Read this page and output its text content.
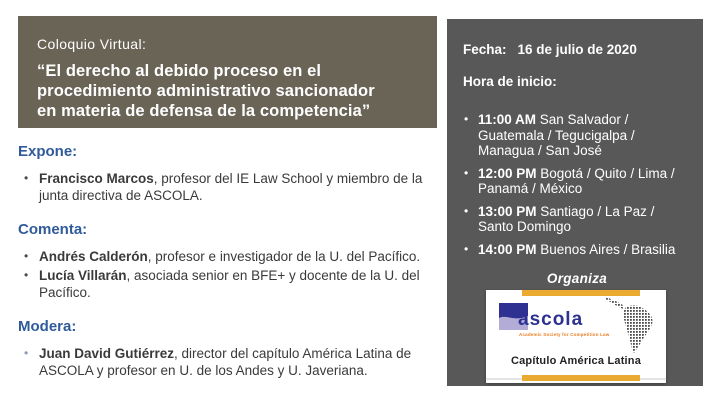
Coloquio Virtual:
“El derecho al debido proceso en el
procedimiento administrativo sancionador
en materia de defensa de la competencia”
Expone:
• Francisco Marcos, profesor del IE Law School y miembro de la junta directiva de ASCOLA.
Comenta:
• Andrés Calderón, profesor e investigador de la U. del Pacífico.
• Lucía Villarán, asociada senior en BFE+ y docente de la U. del Pacífico.
Modera:
• Juan David Gutiérrez, director del capítulo América Latina de ASCOLA y profesor en U. de los Andes y U. Javeriana.
Fecha: 16 de julio de 2020
Hora de inicio:
• 11:00 AM San Salvador / Guatemala / Tegucigalpa / Managua / San José
• 12:00 PM Bogotá / Quito / Lima / Panamá / México
• 13:00 PM Santiago / La Paz / Santo Domingo
• 14:00 PM Buenos Aires / Brasilia
Organiza
ascola
Academic Society for Competition Law
Capítulo América Latina
